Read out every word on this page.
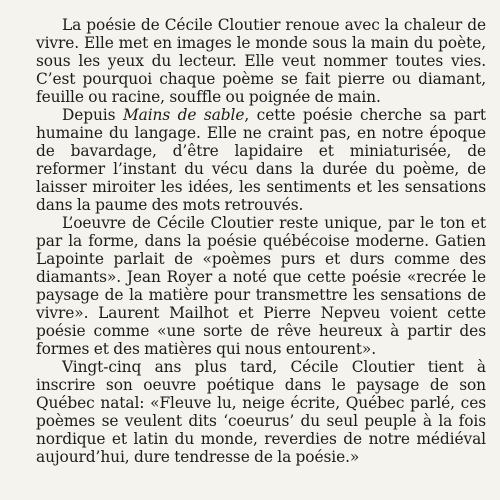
La poésie de Cécile Cloutier renoue avec la chaleur de vivre. Elle met en images le monde sous la main du poète, sous les yeux du lecteur. Elle veut nommer toutes vies. C’est pourquoi chaque poème se fait pierre ou diamant, feuille ou racine, souffle ou poignée de main.

Depuis Mains de sable, cette poésie cherche sa part humaine du langage. Elle ne craint pas, en notre époque de bavardage, d’être lapidaire et miniaturisée, de reformer l’instant du vécu dans la durée du poème, de laisser miroiter les idées, les sentiments et les sensations dans la paume des mots retrouvés.

L’oeuvre de Cécile Cloutier reste unique, par le ton et par la forme, dans la poésie québécoise moderne. Gatien Lapointe parlait de «poèmes purs et durs comme des diamants». Jean Royer a noté que cette poésie «recrée le paysage de la matière pour transmettre les sensations de vivre». Laurent Mailhot et Pierre Nepveu voient cette poésie comme «une sorte de rêve heureux à partir des formes et des matières qui nous entourent».

Vingt-cinq ans plus tard, Cécile Cloutier tient à inscrire son oeuvre poétique dans le paysage de son Québec natal: «Fleuve lu, neige écrite, Québec parlé, ces poèmes se veulent dits ‘coeurus’ du seul peuple à la fois nordique et latin du monde, reverdies de notre médiéval aujourd’hui, dure tendresse de la poésie.»
